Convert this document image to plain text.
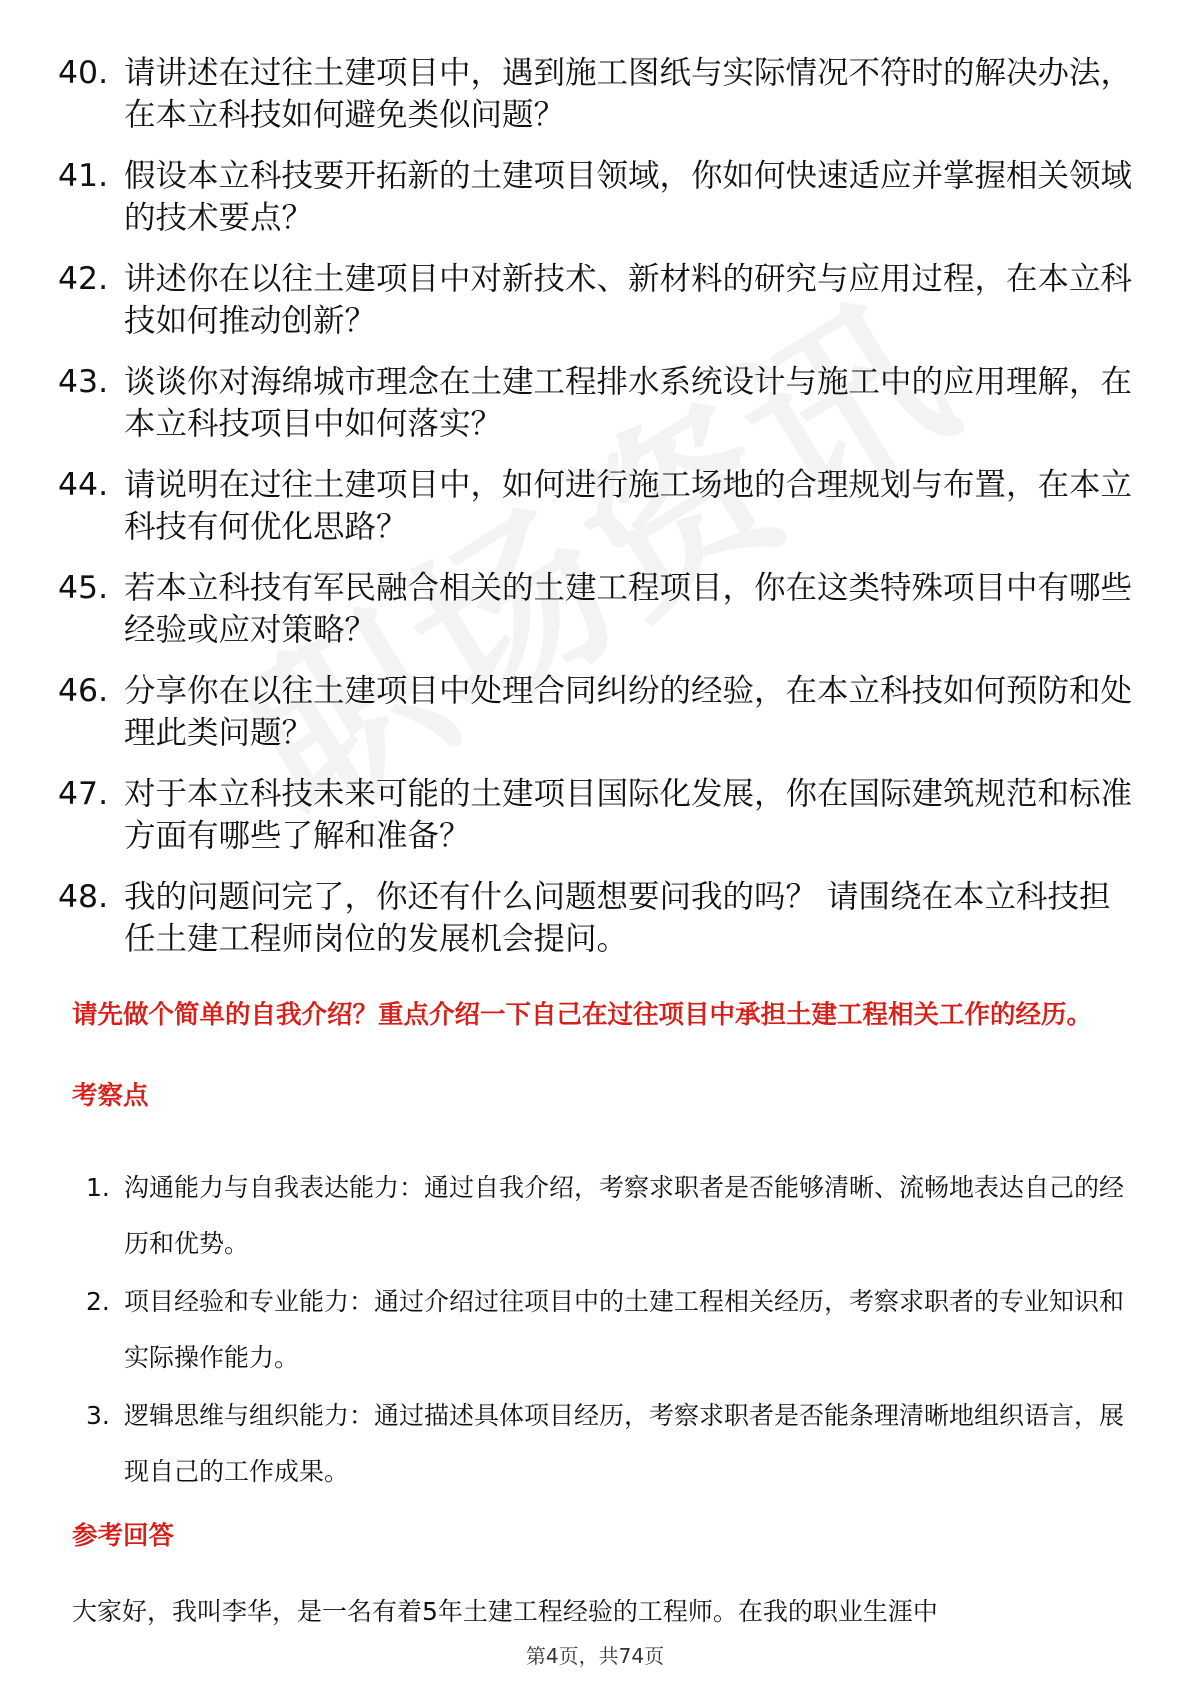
40. 请讲述在过往土建项目中，遇到施工图纸与实际情况不符时的解决办法，在本立科技如何避免类似问题？
41. 假设本立科技要开拓新的土建项目领域，你如何快速适应并掌握相关领域的技术要点？
42. 讲述你在以往土建项目中对新技术、新材料的研究与应用过程，在本立科技如何推动创新？
43. 谈谈你对海绵城市理念在土建工程排水系统设计与施工中的应用理解，在本立科技项目中如何落实？
44. 请说明在过往土建项目中，如何进行施工场地的合理规划与布置，在本立科技有何优化思路？
45. 若本立科技有军民融合相关的土建工程项目，你在这类特殊项目中有哪些经验或应对策略？
46. 分享你在以往土建项目中处理合同纠纷的经验，在本立科技如何预防和处理此类问题？
47. 对于本立科技未来可能的土建项目国际化发展，你在国际建筑规范和标准方面有哪些了解和准备？
48. 我的问题问完了，你还有什么问题想要问我的吗？ 请围绕在本立科技担任土建工程师岗位的发展机会提问。
请先做个简单的自我介绍？重点介绍一下自己在过往项目中承担土建工程相关工作的经历。
考察点
1. 沟通能力与自我表达能力：通过自我介绍，考察求职者是否能够清晰、流畅地表达自己的经历和优势。
2. 项目经验和专业能力：通过介绍过往项目中的土建工程相关经历，考察求职者的专业知识和实际操作能力。
3. 逻辑思维与组织能力：通过描述具体项目经历，考察求职者是否能条理清晰地组织语言，展现自己的工作成果。
参考回答
大家好，我叫李华，是一名有着5年土建工程经验的工程师。在我的职业生涯中
第4页，共74页
